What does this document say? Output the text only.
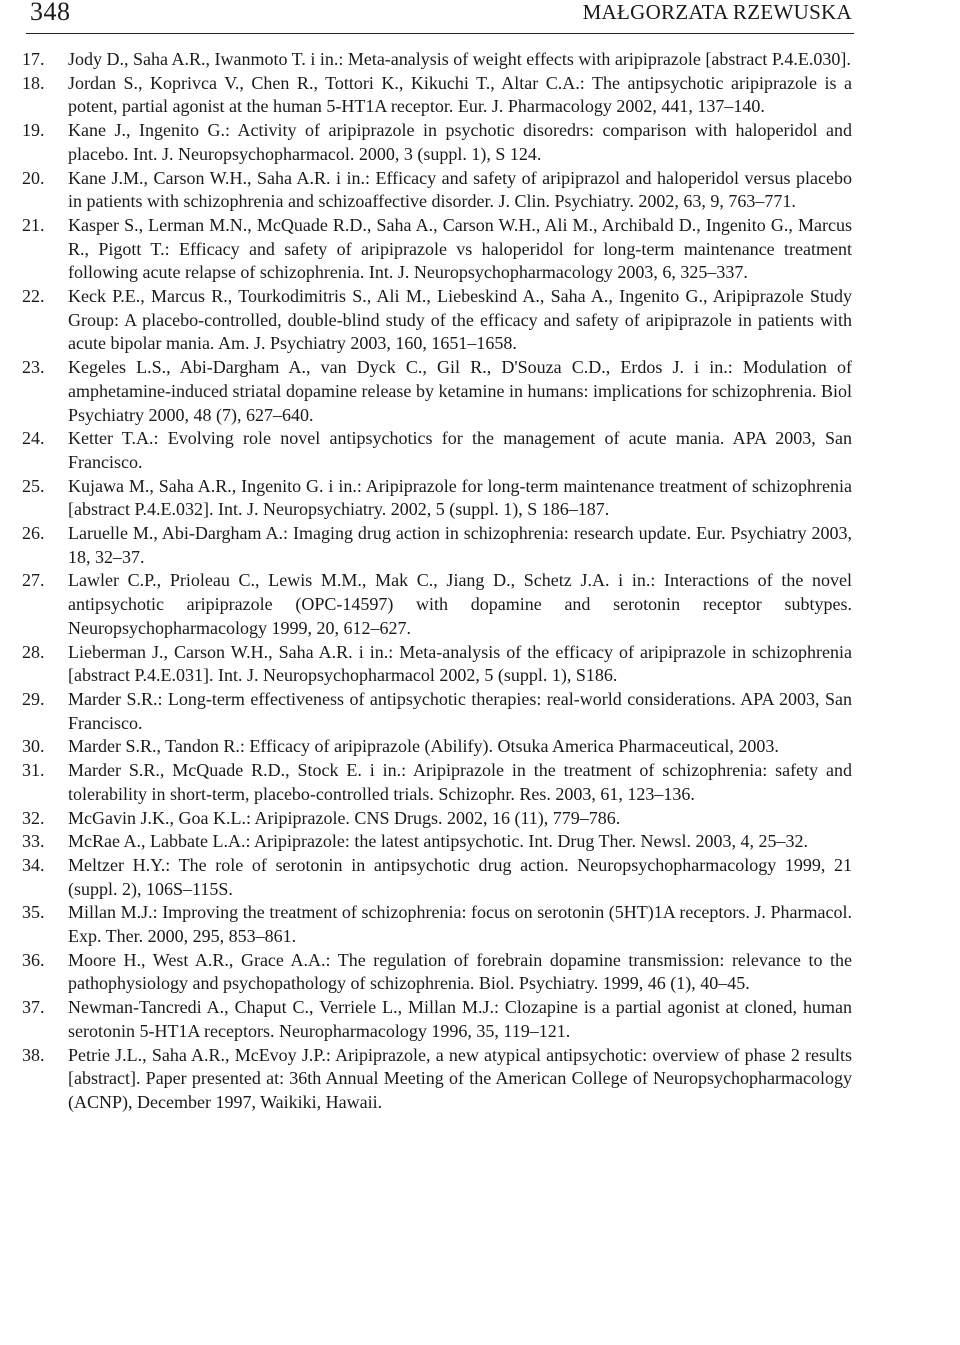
348	MAŁGORZATA RZEWUSKA
17.	Jody D., Saha A.R., Iwanmoto T. i in.: Meta-analysis of weight effects with aripiprazole [abstract P.4.E.030].
18.	Jordan S., Koprivca V., Chen R., Tottori K., Kikuchi T., Altar C.A.: The antipsychotic aripiprazole is a potent, partial agonist at the human 5-HT1A receptor. Eur. J. Pharmacology 2002, 441, 137–140.
19.	Kane J., Ingenito G.: Activity of aripiprazole in psychotic disoredrs: comparison with haloperidol and placebo. Int. J. Neuropsychopharmacol. 2000, 3 (suppl. 1), S 124.
20.	Kane J.M., Carson W.H., Saha A.R. i in.: Efficacy and safety of aripiprazol and haloperidol versus placebo in patients with schizophrenia and schizoaffective disorder. J. Clin. Psychiatry. 2002, 63, 9, 763–771.
21.	Kasper S., Lerman M.N., McQuade R.D., Saha A., Carson W.H., Ali M., Archibald D., Ingenito G., Marcus R., Pigott T.: Efficacy and safety of aripiprazole vs haloperidol for long-term maintenance treatment following acute relapse of schizophrenia. Int. J. Neuropsychopharmacology 2003, 6, 325–337.
22.	Keck P.E., Marcus R., Tourkodimitris S., Ali M., Liebeskind A., Saha A., Ingenito G., Aripiprazole Study Group: A placebo-controlled, double-blind study of the efficacy and safety of aripiprazole in patients with acute bipolar mania. Am. J. Psychiatry 2003, 160, 1651–1658.
23.	Kegeles L.S., Abi-Dargham A., van Dyck C., Gil R., D'Souza C.D., Erdos J. i in.: Modulation of amphetamine-induced striatal dopamine release by ketamine in humans: implications for schizophrenia. Biol Psychiatry 2000, 48 (7), 627–640.
24.	Ketter T.A.: Evolving role novel antipsychotics for the management of acute mania. APA 2003, San Francisco.
25.	Kujawa M., Saha A.R., Ingenito G. i in.: Aripiprazole for long-term maintenance treatment of schizophrenia [abstract P.4.E.032]. Int. J. Neuropsychiatry. 2002, 5 (suppl. 1), S 186–187.
26.	Laruelle M., Abi-Dargham A.: Imaging drug action in schizophrenia: research update. Eur. Psychiatry 2003, 18, 32–37.
27.	Lawler C.P., Prioleau C., Lewis M.M., Mak C., Jiang D., Schetz J.A. i in.: Interactions of the novel antipsychotic aripiprazole (OPC-14597) with dopamine and serotonin receptor subtypes. Neuropsychopharmacology 1999, 20, 612–627.
28.	Lieberman J., Carson W.H., Saha A.R. i in.: Meta-analysis of the efficacy of aripiprazole in schizophrenia [abstract P.4.E.031]. Int. J. Neuropsychopharmacol 2002, 5 (suppl. 1), S186.
29.	Marder S.R.: Long-term effectiveness of antipsychotic therapies: real-world considerations. APA 2003, San Francisco.
30.	Marder S.R., Tandon R.: Efficacy of aripiprazole (Abilify). Otsuka America Pharmaceutical, 2003.
31.	Marder S.R., McQuade R.D., Stock E. i in.: Aripiprazole in the treatment of schizophrenia: safety and tolerability in short-term, placebo-controlled trials. Schizophr. Res. 2003, 61, 123–136.
32.	McGavin J.K., Goa K.L.: Aripiprazole. CNS Drugs. 2002, 16 (11), 779–786.
33.	McRae A., Labbate L.A.: Aripiprazole: the latest antipsychotic. Int. Drug Ther. Newsl. 2003, 4, 25–32.
34.	Meltzer H.Y.: The role of serotonin in antipsychotic drug action. Neuropsychopharmacology 1999, 21 (suppl. 2), 106S–115S.
35.	Millan M.J.: Improving the treatment of schizophrenia: focus on serotonin (5HT)1A receptors. J. Pharmacol. Exp. Ther. 2000, 295, 853–861.
36.	Moore H., West A.R., Grace A.A.: The regulation of forebrain dopamine transmission: relevance to the pathophysiology and psychopathology of schizophrenia. Biol. Psychiatry. 1999, 46 (1), 40–45.
37.	Newman-Tancredi A., Chaput C., Verriele L., Millan M.J.: Clozapine is a partial agonist at cloned, human serotonin 5-HT1A receptors. Neuropharmacology 1996, 35, 119–121.
38.	Petrie J.L., Saha A.R., McEvoy J.P.: Aripiprazole, a new atypical antipsychotic: overview of phase 2 results [abstract]. Paper presented at: 36th Annual Meeting of the American College of Neuropsychopharmacology (ACNP), December 1997, Waikiki, Hawaii.
